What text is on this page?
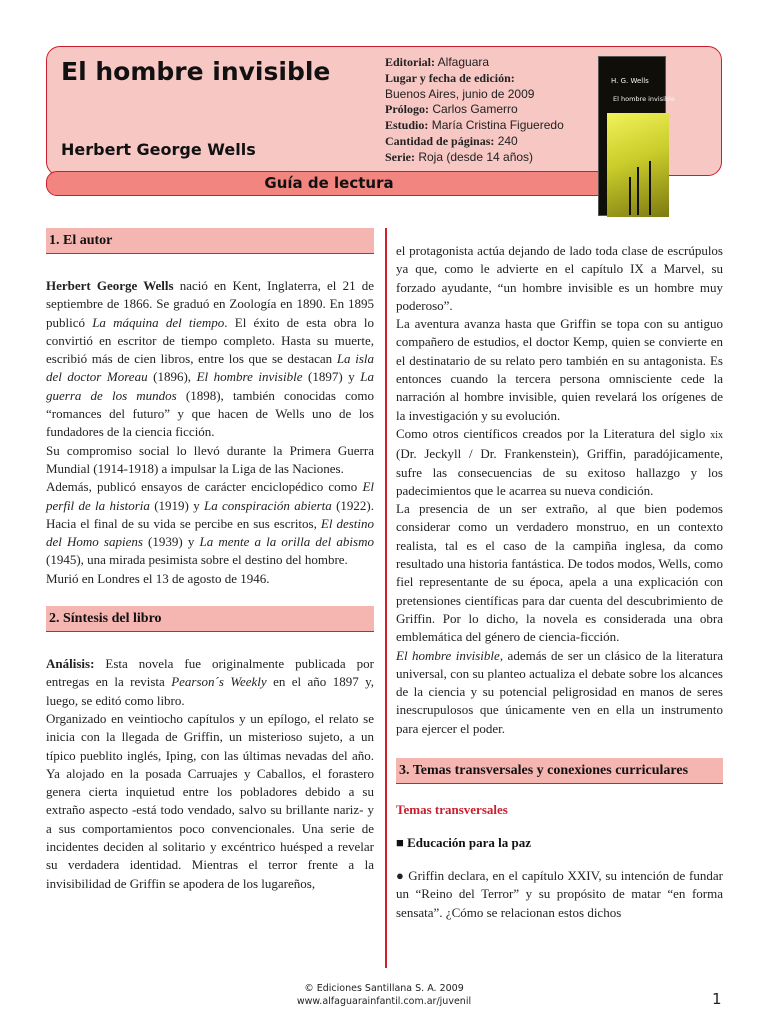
El hombre invisible
Herbert George Wells
Editorial: Alfaguara
Lugar y fecha de edición:
Buenos Aires, junio de 2009
Prólogo: Carlos Gamerro
Estudio: María Cristina Figueredo
Cantidad de páginas: 240
Serie: Roja (desde 14 años)
Guía de lectura
H. G. Wells
El hombre invisible
1. El autor

Herbert George Wells nació en Kent, Inglaterra, el 21 de septiembre de 1866. Se graduó en Zoología en 1890. En 1895 publicó La máquina del tiempo. El éxito de esta obra lo convirtió en escritor de tiempo completo. Hasta su muerte, escribió más de cien libros, entre los que se destacan La isla del doctor Moreau (1896), El hombre invisible (1897) y La guerra de los mundos (1898), también conocidas como “romances del futuro” y que hacen de Wells uno de los fundadores de la ciencia ficción.

Su compromiso social lo llevó durante la Primera Guerra Mundial (1914-1918) a impulsar la Liga de las Naciones.

Además, publicó ensayos de carácter enciclopédico como El perfil de la historia (1919) y La conspiración abierta (1922). Hacia el final de su vida se percibe en sus escritos, El destino del Homo sapiens (1939) y La mente a la orilla del abismo (1945), una mirada pesimista sobre el destino del hombre.

Murió en Londres el 13 de agosto de 1946.

2. Síntesis del libro

Análisis: Esta novela fue originalmente publicada por entregas en la revista Pearson´s Weekly en el año 1897 y, luego, se editó como libro.

Organizado en veintiocho capítulos y un epílogo, el relato se inicia con la llegada de Griffin, un misterioso sujeto, a un típico pueblito inglés, Iping, con las últimas nevadas del año. Ya alojado en la posada Carruajes y Caballos, el forastero genera cierta inquietud entre los pobladores debido a su extraño aspecto -está todo vendado, salvo su brillante nariz- y a sus comportamientos poco convencionales. Una serie de incidentes deciden al solitario y excéntrico huésped a revelar su verdadera identidad. Mientras el terror frente a la invisibilidad de Griffin se apodera de los lugareños,

el protagonista actúa dejando de lado toda clase de escrúpulos ya que, como le advierte en el capítulo IX a Marvel, su forzado ayudante, “un hombre invisible es un hombre muy poderoso”.

La aventura avanza hasta que Griffin se topa con su antiguo compañero de estudios, el doctor Kemp, quien se convierte en el destinatario de su relato pero también en su antagonista. Es entonces cuando la tercera persona omnisciente cede la narración al hombre invisible, quien revelará los orígenes de la investigación y su evolución.

Como otros científicos creados por la Literatura del siglo xix (Dr. Jeckyll / Dr. Frankenstein), Griffin, paradójicamente, sufre las consecuencias de su exitoso hallazgo y los padecimientos que le acarrea su nueva condición.

La presencia de un ser extraño, al que bien podemos considerar como un verdadero monstruo, en un contexto realista, tal es el caso de la campiña inglesa, da como resultado una historia fantástica. De todos modos, Wells, como fiel representante de su época, apela a una explicación con pretensiones científicas para dar cuenta del descubrimiento de Griffin. Por lo dicho, la novela es considerada una obra emblemática del género de ciencia-ficción.

El hombre invisible, además de ser un clásico de la literatura universal, con su planteo actualiza el debate sobre los alcances de la ciencia y su potencial peligrosidad en manos de seres inescrupulosos que únicamente ven en ella un instrumento para ejercer el poder.

3. Temas transversales y conexiones curriculares
Temas transversales
■ Educación para la paz

● Griffin declara, en el capítulo XXIV, su intención de fundar un “Reino del Terror” y su propósito de matar “en forma sensata”. ¿Cómo se relacionan estos dichos

© Ediciones Santillana S. A. 2009
www.alfaguarainfantil.com.ar/juvenil	1
